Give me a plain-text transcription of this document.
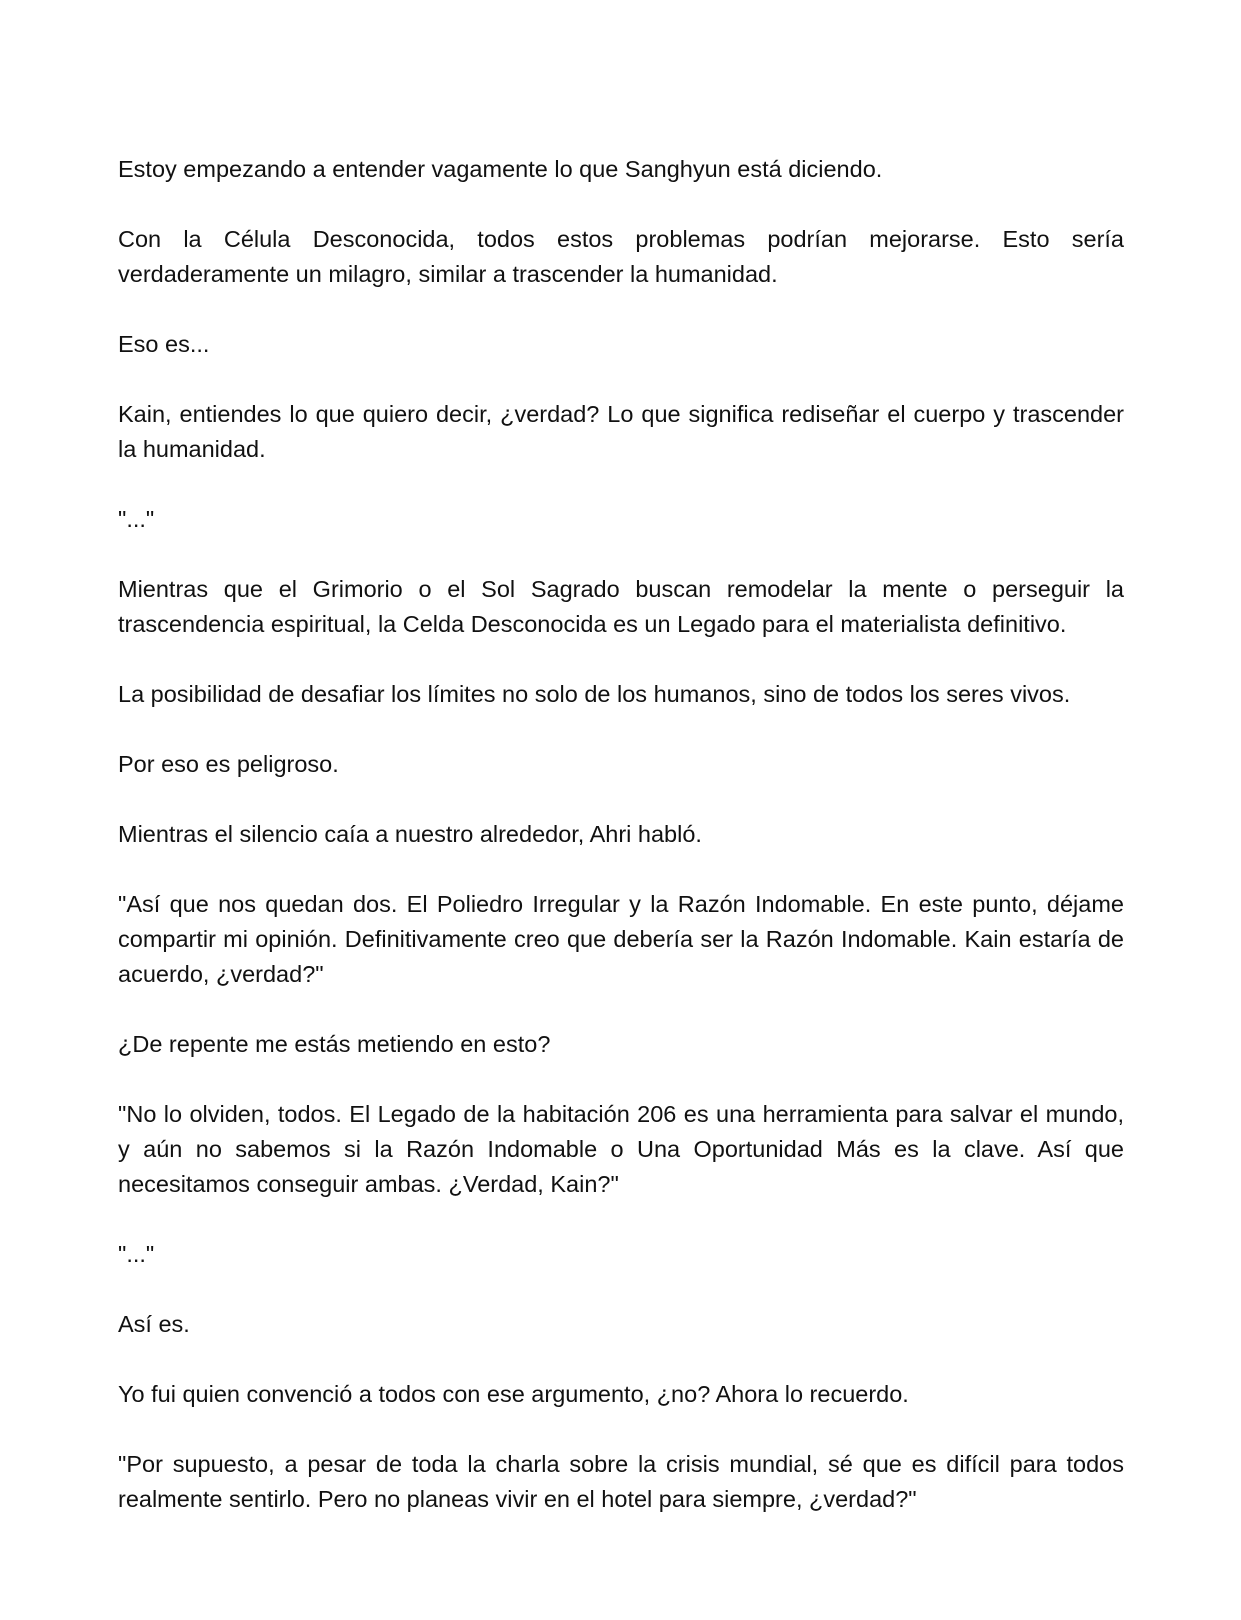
Estoy empezando a entender vagamente lo que Sanghyun está diciendo.

Con la Célula Desconocida, todos estos problemas podrían mejorarse. Esto sería verdaderamente un milagro, similar a trascender la humanidad.

Eso es...

Kain, entiendes lo que quiero decir, ¿verdad? Lo que significa rediseñar el cuerpo y trascender la humanidad.

"..."

Mientras que el Grimorio o el Sol Sagrado buscan remodelar la mente o perseguir la trascendencia espiritual, la Celda Desconocida es un Legado para el materialista definitivo.

La posibilidad de desafiar los límites no solo de los humanos, sino de todos los seres vivos.

Por eso es peligroso.

Mientras el silencio caía a nuestro alrededor, Ahri habló.

"Así que nos quedan dos. El Poliedro Irregular y la Razón Indomable. En este punto, déjame compartir mi opinión. Definitivamente creo que debería ser la Razón Indomable. Kain estaría de acuerdo, ¿verdad?"

¿De repente me estás metiendo en esto?

"No lo olviden, todos. El Legado de la habitación 206 es una herramienta para salvar el mundo, y aún no sabemos si la Razón Indomable o Una Oportunidad Más es la clave. Así que necesitamos conseguir ambas. ¿Verdad, Kain?"

"..."

Así es.

Yo fui quien convenció a todos con ese argumento, ¿no? Ahora lo recuerdo.

"Por supuesto, a pesar de toda la charla sobre la crisis mundial, sé que es difícil para todos realmente sentirlo. Pero no planeas vivir en el hotel para siempre, ¿verdad?"
